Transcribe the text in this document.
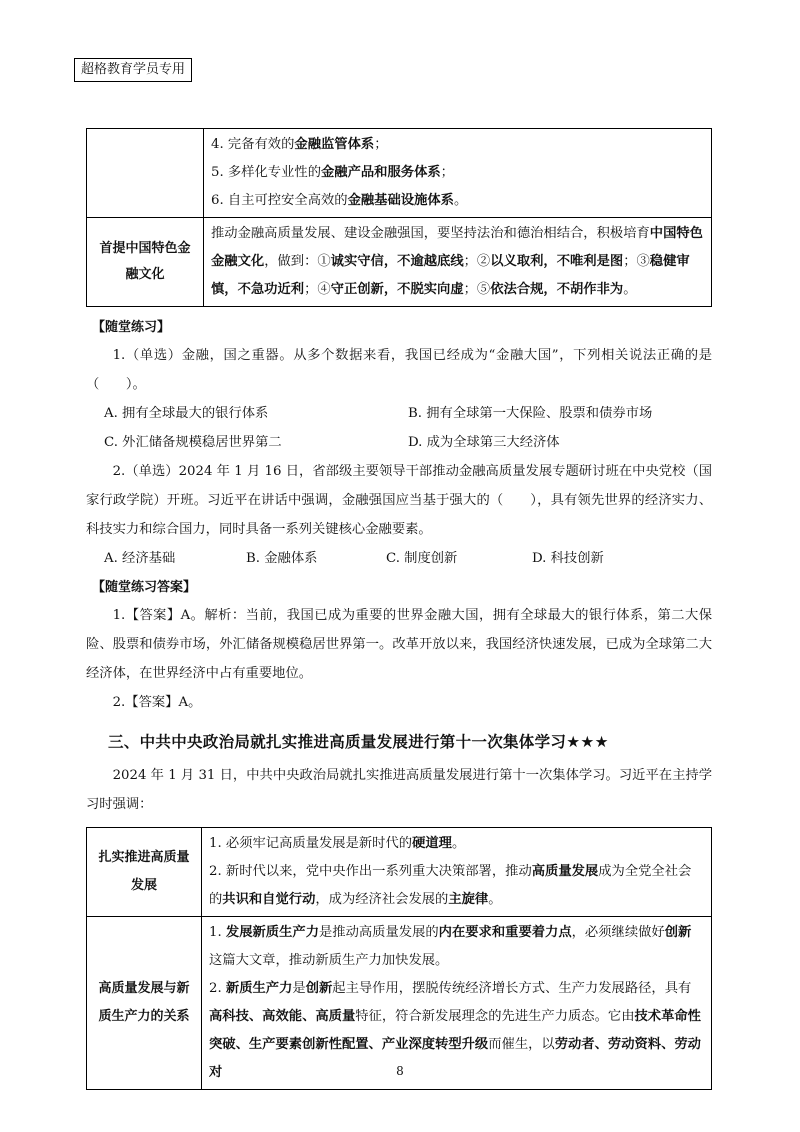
超格教育学员专用

	4. 完备有效的金融监管体系；
5. 多样化专业性的金融产品和服务体系；
6. 自主可控安全高效的金融基础设施体系。

首提中国特色金融文化	推动金融高质量发展、建设金融强国，要坚持法治和德治相结合，积极培育中国特色金融文化，做到：①诚实守信，不逾越底线；②以义取利，不唯利是图；③稳健审慎，不急功近利；④守正创新，不脱实向虚；⑤依法合规，不胡作非为。
【随堂练习】

1.（单选）金融，国之重器。从多个数据来看，我国已经成为“金融大国”，下列相关说法正确的是（　　）。

A. 拥有全球最大的银行体系	B. 拥有全球第一大保险、股票和债券市场
C. 外汇储备规模稳居世界第二	D. 成为全球第三大经济体

2.（单选）2024 年 1 月 16 日，省部级主要领导干部推动金融高质量发展专题研讨班在中央党校（国家行政学院）开班。习近平在讲话中强调，金融强国应当基于强大的（　　），具有领先世界的经济实力、科技实力和综合国力，同时具备一系列关键核心金融要素。

A. 经济基础	B. 金融体系	C. 制度创新	D. 科技创新
【随堂练习答案】

1.【答案】A。解析：当前，我国已成为重要的世界金融大国，拥有全球最大的银行体系，第二大保险、股票和债券市场，外汇储备规模稳居世界第一。改革开放以来，我国经济快速发展，已成为全球第二大经济体，在世界经济中占有重要地位。

2.【答案】A。

三、中共中央政治局就扎实推进高质量发展进行第十一次集体学习★★★

2024 年 1 月 31 日，中共中央政治局就扎实推进高质量发展进行第十一次集体学习。习近平在主持学习时强调：

扎实推进高质量发展	1. 必须牢记高质量发展是新时代的硬道理。
2. 新时代以来，党中央作出一系列重大决策部署，推动高质量发展成为全党全社会的共识和自觉行动，成为经济社会发展的主旋律。

高质量发展与新质生产力的关系	1. 发展新质生产力是推动高质量发展的内在要求和重要着力点，必须继续做好创新这篇大文章，推动新质生产力加快发展。
2. 新质生产力是创新起主导作用，摆脱传统经济增长方式、生产力发展路径，具有高科技、高效能、高质量特征，符合新发展理念的先进生产力质态。它由技术革命性突破、生产要素创新性配置、产业深度转型升级而催生，以劳动者、劳动资料、劳动对	8
